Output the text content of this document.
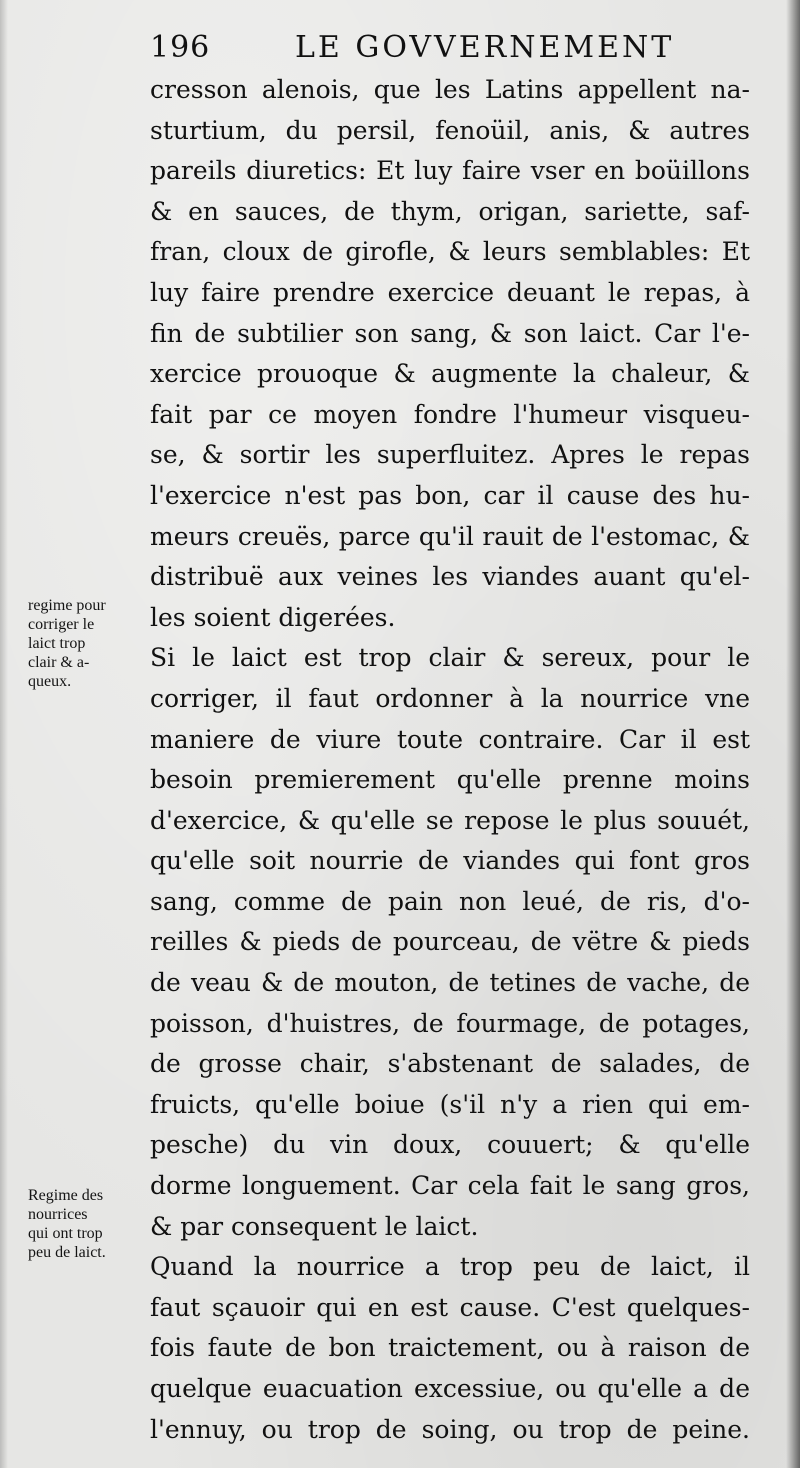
196	LE GOVVERNEMENT
cresson alenois, que les Latins appellent na-
sturtium, du persil, fenoüil, anis, & autres
pareils diuretics: Et luy faire vser en boüillons
& en sauces, de thym, origan, sariette, saf-
fran, cloux de girofle, & leurs semblables: Et
luy faire prendre exercice deuant le repas, à
fin de subtilier son sang, & son laict. Car l'e-
xercice prouoque & augmente la chaleur, &
fait par ce moyen fondre l'humeur visqueu-
se, & sortir les superfluitez. Apres le repas
l'exercice n'est pas bon, car il cause des hu-
meurs creuës, parce qu'il rauit de l'estomac, &
distribuë aux veines les viandes auant qu'el-
les soient digerées.
Si le laict est trop clair & sereux, pour le
corriger, il faut ordonner à la nourrice vne
maniere de viure toute contraire. Car il est
besoin premierement qu'elle prenne moins
d'exercice, & qu'elle se repose le plus souuét,
qu'elle soit nourrie de viandes qui font gros
sang, comme de pain non leué, de ris, d'o-
reilles & pieds de pourceau, de vëtre & pieds
de veau & de mouton, de tetines de vache, de
poisson, d'huistres, de fourmage, de potages,
de grosse chair, s'abstenant de salades, de
fruicts, qu'elle boiue (s'il n'y a rien qui em-
pesche) du vin doux, couuert; & qu'elle
dorme longuement. Car cela fait le sang gros,
& par consequent le laict.
Quand la nourrice a trop peu de laict, il
faut sçauoir qui en est cause. C'est quelques-
fois faute de bon traictement, ou à raison de
quelque euacuation excessiue, ou qu'elle a de
l'ennuy, ou trop de soing, ou trop de peine.
regime pour
corriger le
laict trop
clair & a-
queux.
Regime des
nourrices
qui ont trop
peu de laict.
